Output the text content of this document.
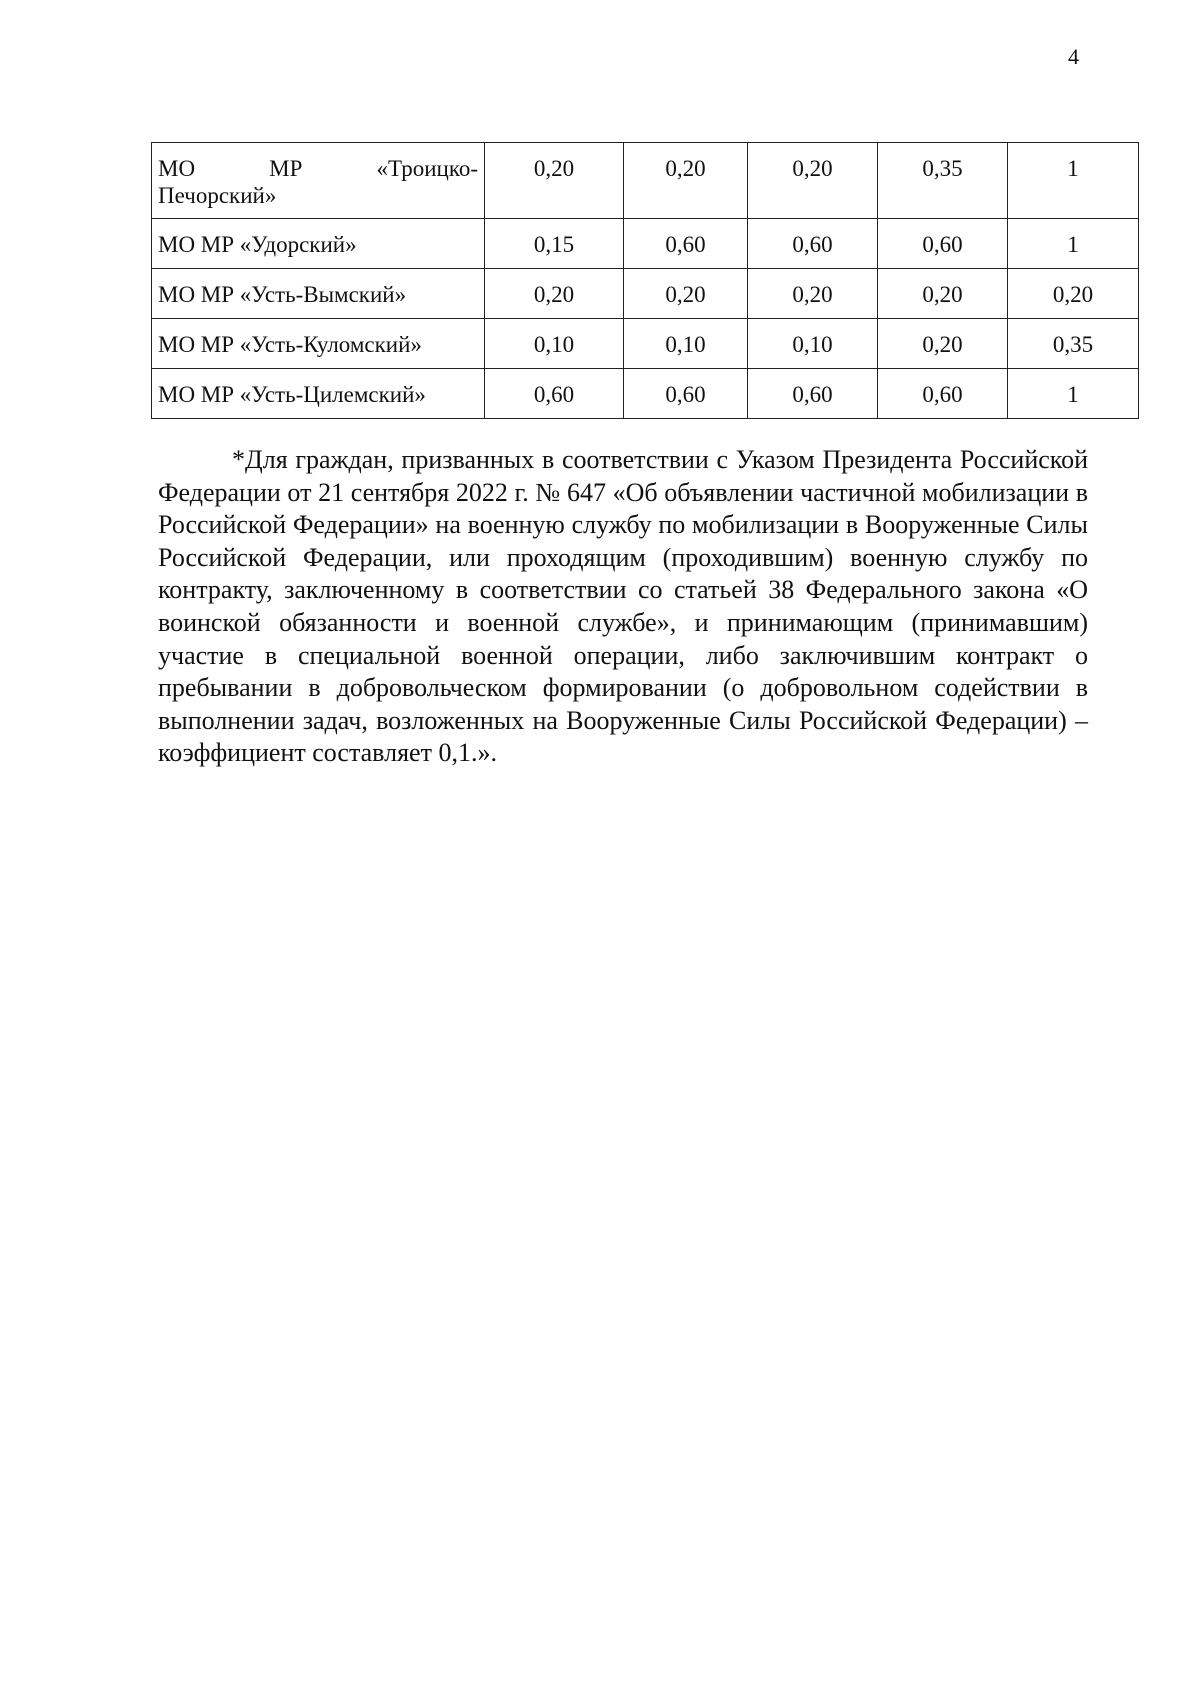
4
МО МР «Троицко-
Печорский»	0,20	0,20	0,20	0,35	1
МО МР «Удорский»	0,15	0,60	0,60	0,60	1
МО МР «Усть-Вымский»	0,20	0,20	0,20	0,20	0,20
МО МР «Усть-Куломский»	0,10	0,10	0,10	0,20	0,35
МО МР «Усть-Цилемский»	0,60	0,60	0,60	0,60	1

*Для граждан, призванных в соответствии с Указом Президента Российской Федерации от 21 сентября 2022 г. № 647 «Об объявлении частичной мобилизации в Российской Федерации» на военную службу по мобилизации в Вооруженные Силы Российской Федерации, или проходящим (проходившим) военную службу по контракту, заключенному в соответствии со статьей 38 Федерального закона «О воинской обязанности и военной службе», и принимающим (принимавшим) участие в специальной военной операции, либо заключившим контракт о пребывании в добровольческом формировании (о добровольном содействии в выполнении задач, возложенных на Вооруженные Силы Российской Федерации) – коэффициент составляет 0,1.».
